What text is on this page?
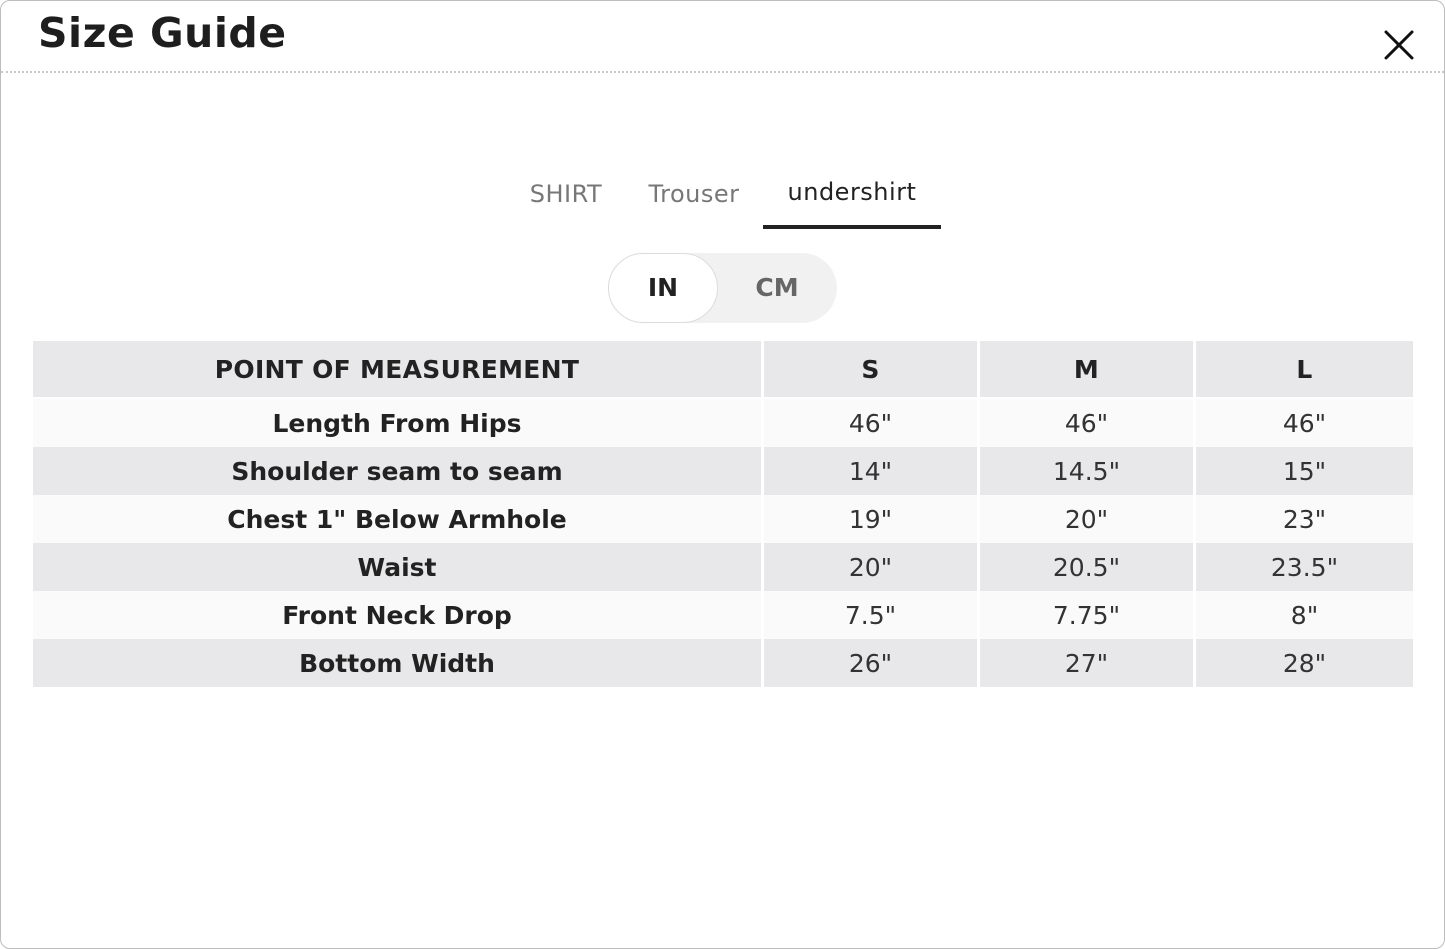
Size Guide
SHIRT	Trouser	undershirt
IN	CM
POINT OF MEASUREMENT	S	M	L
Length From Hips	46"	46"	46"
Shoulder seam to seam	14"	14.5"	15"
Chest 1" Below Armhole	19"	20"	23"
Waist	20"	20.5"	23.5"
Front Neck Drop	7.5"	7.75"	8"
Bottom Width	26"	27"	28"
